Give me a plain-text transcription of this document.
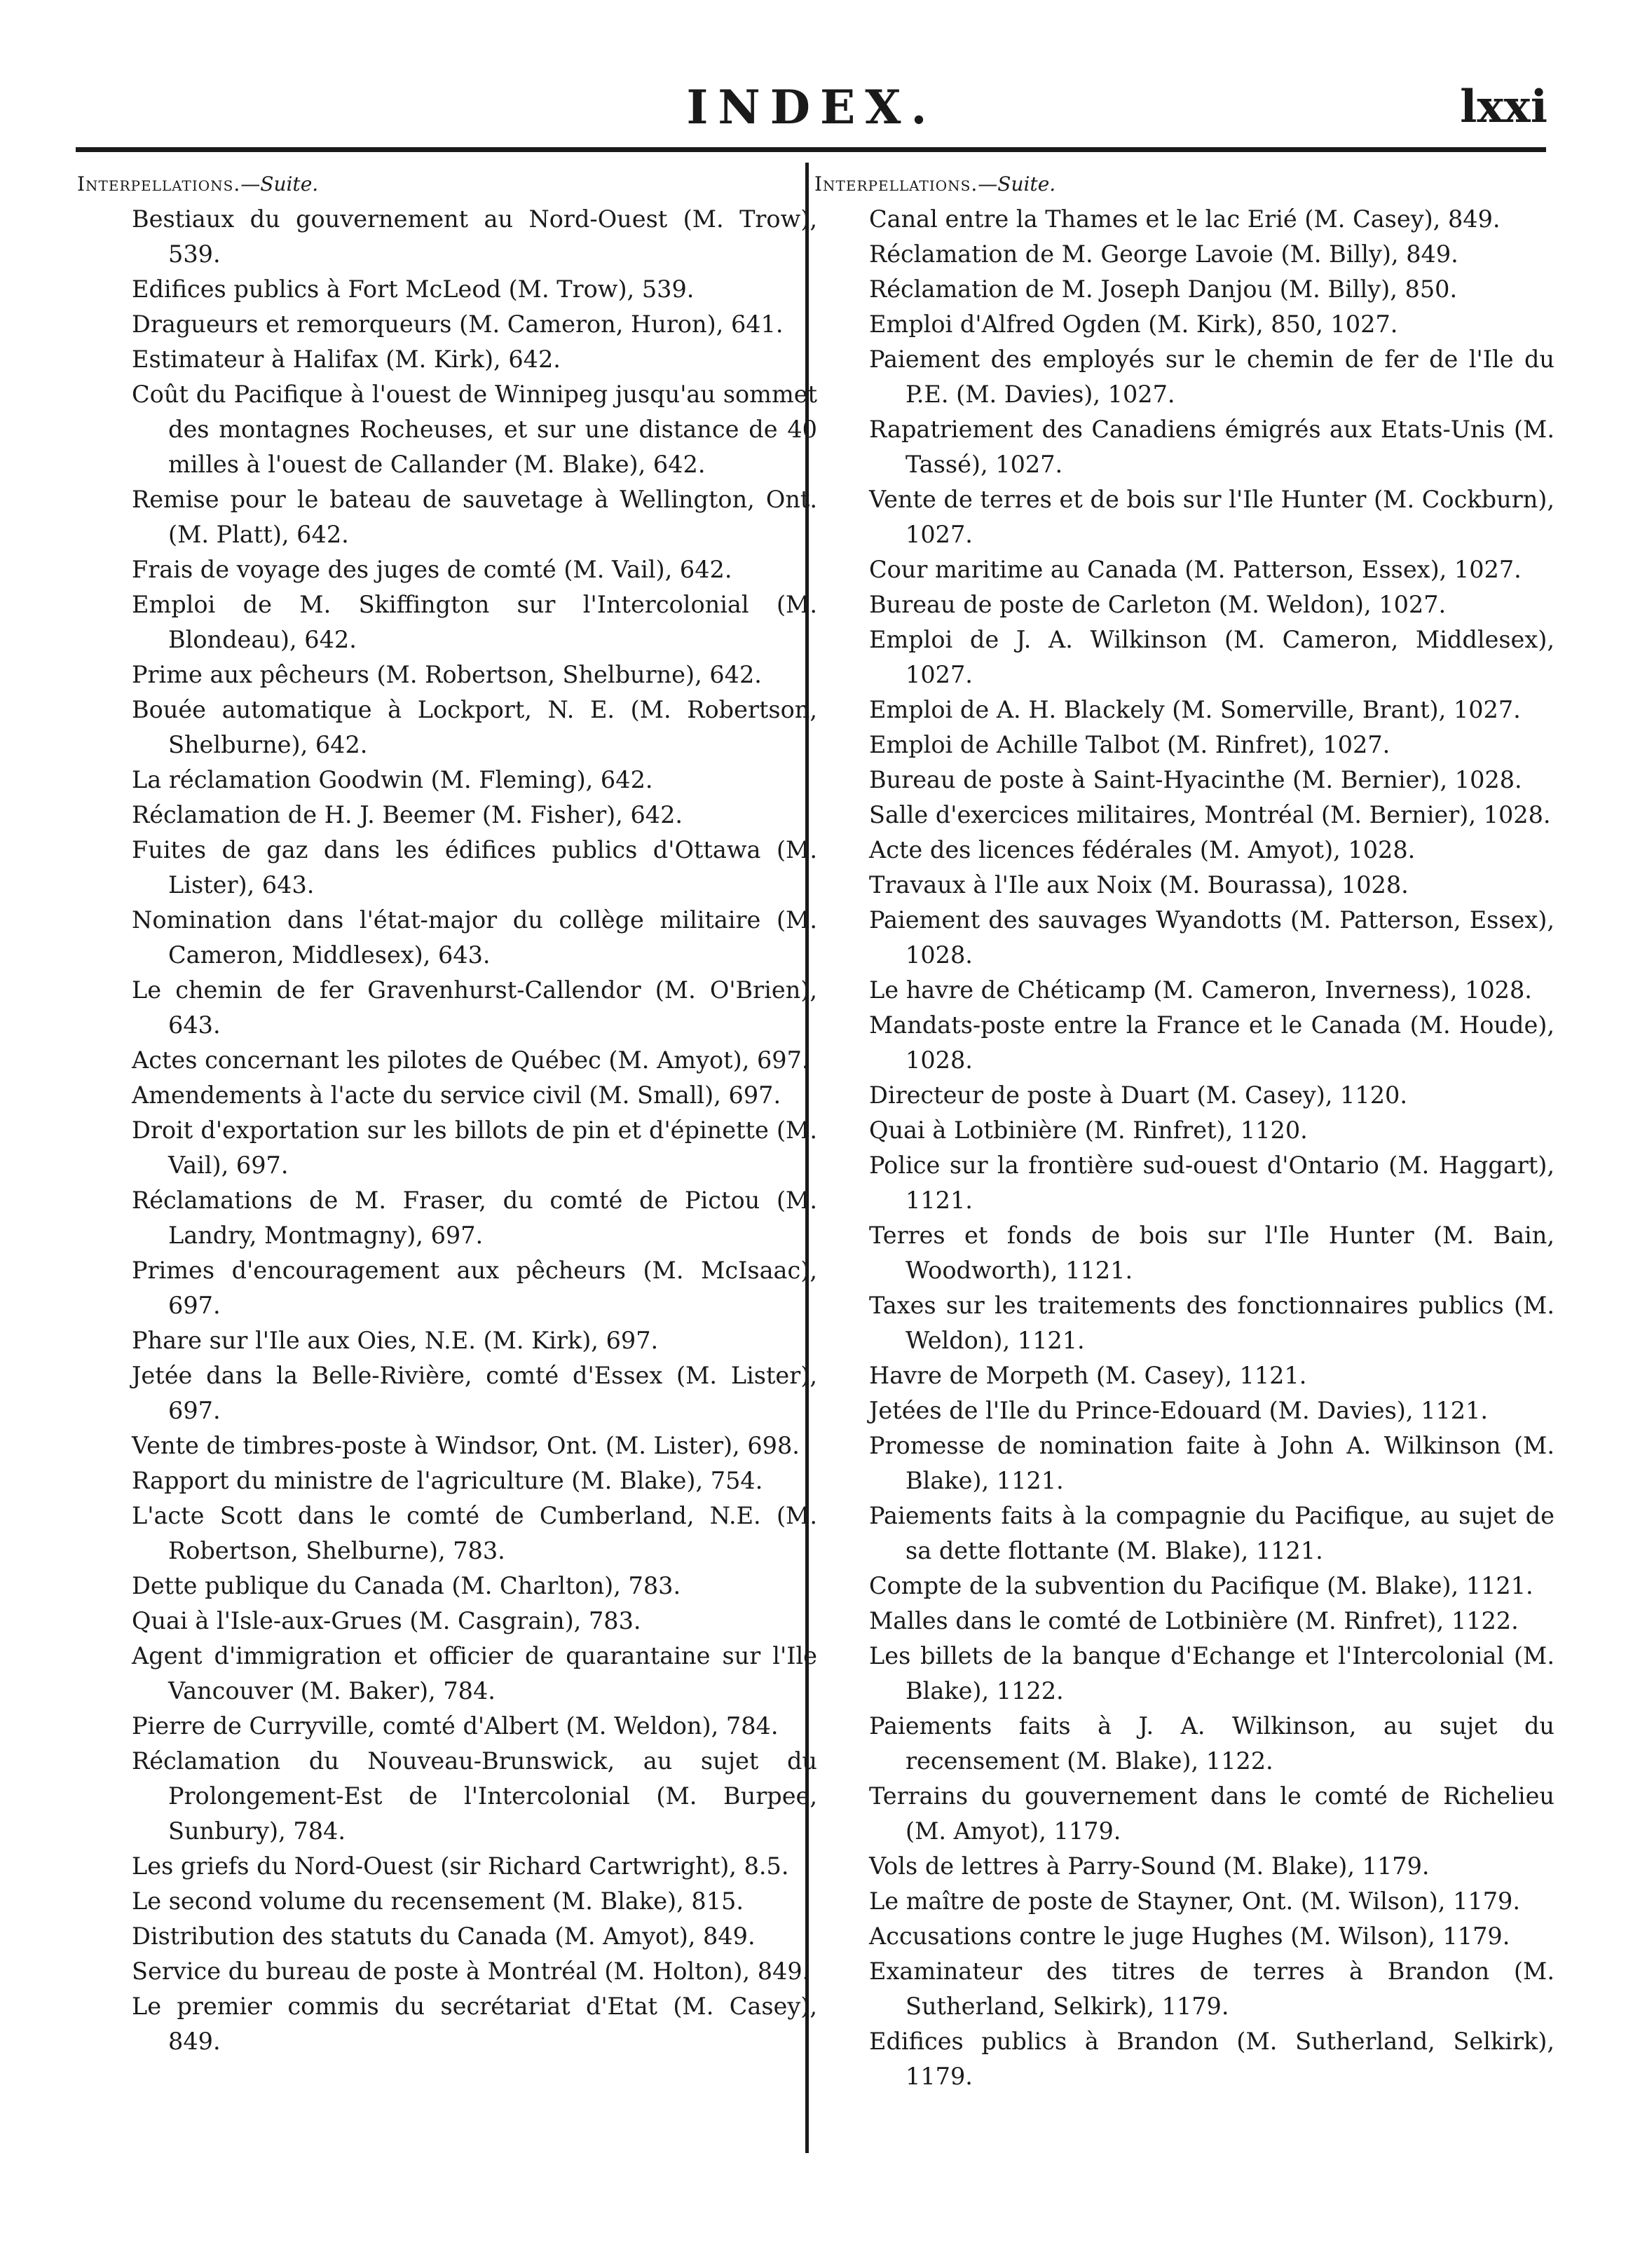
INDEX.	lxxi
Interpellations.—Suite.
Bestiaux du gouvernement au Nord-Ouest (M. Trow), 539.
Edifices publics à Fort McLeod (M. Trow), 539.
Dragueurs et remorqueurs (M. Cameron, Huron), 641.
Estimateur à Halifax (M. Kirk), 642.
Coût du Pacifique à l'ouest de Winnipeg jusqu'au sommet des montagnes Rocheuses, et sur une distance de 40 milles à l'ouest de Callander (M. Blake), 642.
Remise pour le bateau de sauvetage à Wellington, Ont. (M. Platt), 642.
Frais de voyage des juges de comté (M. Vail), 642.
Emploi de M. Skiffington sur l'Intercolonial (M. Blondeau), 642.
Prime aux pêcheurs (M. Robertson, Shelburne), 642.
Bouée automatique à Lockport, N. E. (M. Robertson, Shelburne), 642.
La réclamation Goodwin (M. Fleming), 642.
Réclamation de H. J. Beemer (M. Fisher), 642.
Fuites de gaz dans les édifices publics d'Ottawa (M. Lister), 643.
Nomination dans l'état-major du collège militaire (M. Cameron, Middlesex), 643.
Le chemin de fer Gravenhurst-Callendor (M. O'Brien), 643.
Actes concernant les pilotes de Québec (M. Amyot), 697.
Amendements à l'acte du service civil (M. Small), 697.
Droit d'exportation sur les billots de pin et d'épinette (M. Vail), 697.
Réclamations de M. Fraser, du comté de Pictou (M. Landry, Montmagny), 697.
Primes d'encouragement aux pêcheurs (M. McIsaac), 697.
Phare sur l'Ile aux Oies, N.E. (M. Kirk), 697.
Jetée dans la Belle-Rivière, comté d'Essex (M. Lister), 697.
Vente de timbres-poste à Windsor, Ont. (M. Lister), 698.
Rapport du ministre de l'agriculture (M. Blake), 754.
L'acte Scott dans le comté de Cumberland, N.E. (M. Robertson, Shelburne), 783.
Dette publique du Canada (M. Charlton), 783.
Quai à l'Isle-aux-Grues (M. Casgrain), 783.
Agent d'immigration et officier de quarantaine sur l'Ile Vancouver (M. Baker), 784.
Pierre de Curryville, comté d'Albert (M. Weldon), 784.
Réclamation du Nouveau-Brunswick, au sujet du Prolongement-Est de l'Intercolonial (M. Burpee, Sunbury), 784.
Les griefs du Nord-Ouest (sir Richard Cartwright), 8.5.
Le second volume du recensement (M. Blake), 815.
Distribution des statuts du Canada (M. Amyot), 849.
Service du bureau de poste à Montréal (M. Holton), 849.
Le premier commis du secrétariat d'Etat (M. Casey), 849.
Interpellations.—Suite.
Canal entre la Thames et le lac Erié (M. Casey), 849.
Réclamation de M. George Lavoie (M. Billy), 849.
Réclamation de M. Joseph Danjou (M. Billy), 850.
Emploi d'Alfred Ogden (M. Kirk), 850, 1027.
Paiement des employés sur le chemin de fer de l'Ile du P.E. (M. Davies), 1027.
Rapatriement des Canadiens émigrés aux Etats-Unis (M. Tassé), 1027.
Vente de terres et de bois sur l'Ile Hunter (M. Cockburn), 1027.
Cour maritime au Canada (M. Patterson, Essex), 1027.
Bureau de poste de Carleton (M. Weldon), 1027.
Emploi de J. A. Wilkinson (M. Cameron, Middlesex), 1027.
Emploi de A. H. Blackely (M. Somerville, Brant), 1027.
Emploi de Achille Talbot (M. Rinfret), 1027.
Bureau de poste à Saint-Hyacinthe (M. Bernier), 1028.
Salle d'exercices militaires, Montréal (M. Bernier), 1028.
Acte des licences fédérales (M. Amyot), 1028.
Travaux à l'Ile aux Noix (M. Bourassa), 1028.
Paiement des sauvages Wyandotts (M. Patterson, Essex), 1028.
Le havre de Chéticamp (M. Cameron, Inverness), 1028.
Mandats-poste entre la France et le Canada (M. Houde), 1028.
Directeur de poste à Duart (M. Casey), 1120.
Quai à Lotbinière (M. Rinfret), 1120.
Police sur la frontière sud-ouest d'Ontario (M. Haggart), 1121.
Terres et fonds de bois sur l'Ile Hunter (M. Bain, Woodworth), 1121.
Taxes sur les traitements des fonctionnaires publics (M. Weldon), 1121.
Havre de Morpeth (M. Casey), 1121.
Jetées de l'Ile du Prince-Edouard (M. Davies), 1121.
Promesse de nomination faite à John A. Wilkinson (M. Blake), 1121.
Paiements faits à la compagnie du Pacifique, au sujet de sa dette flottante (M. Blake), 1121.
Compte de la subvention du Pacifique (M. Blake), 1121.
Malles dans le comté de Lotbinière (M. Rinfret), 1122.
Les billets de la banque d'Echange et l'Intercolonial (M. Blake), 1122.
Paiements faits à J. A. Wilkinson, au sujet du recensement (M. Blake), 1122.
Terrains du gouvernement dans le comté de Richelieu (M. Amyot), 1179.
Vols de lettres à Parry-Sound (M. Blake), 1179.
Le maître de poste de Stayner, Ont. (M. Wilson), 1179.
Accusations contre le juge Hughes (M. Wilson), 1179.
Examinateur des titres de terres à Brandon (M. Sutherland, Selkirk), 1179.
Edifices publics à Brandon (M. Sutherland, Selkirk), 1179.
